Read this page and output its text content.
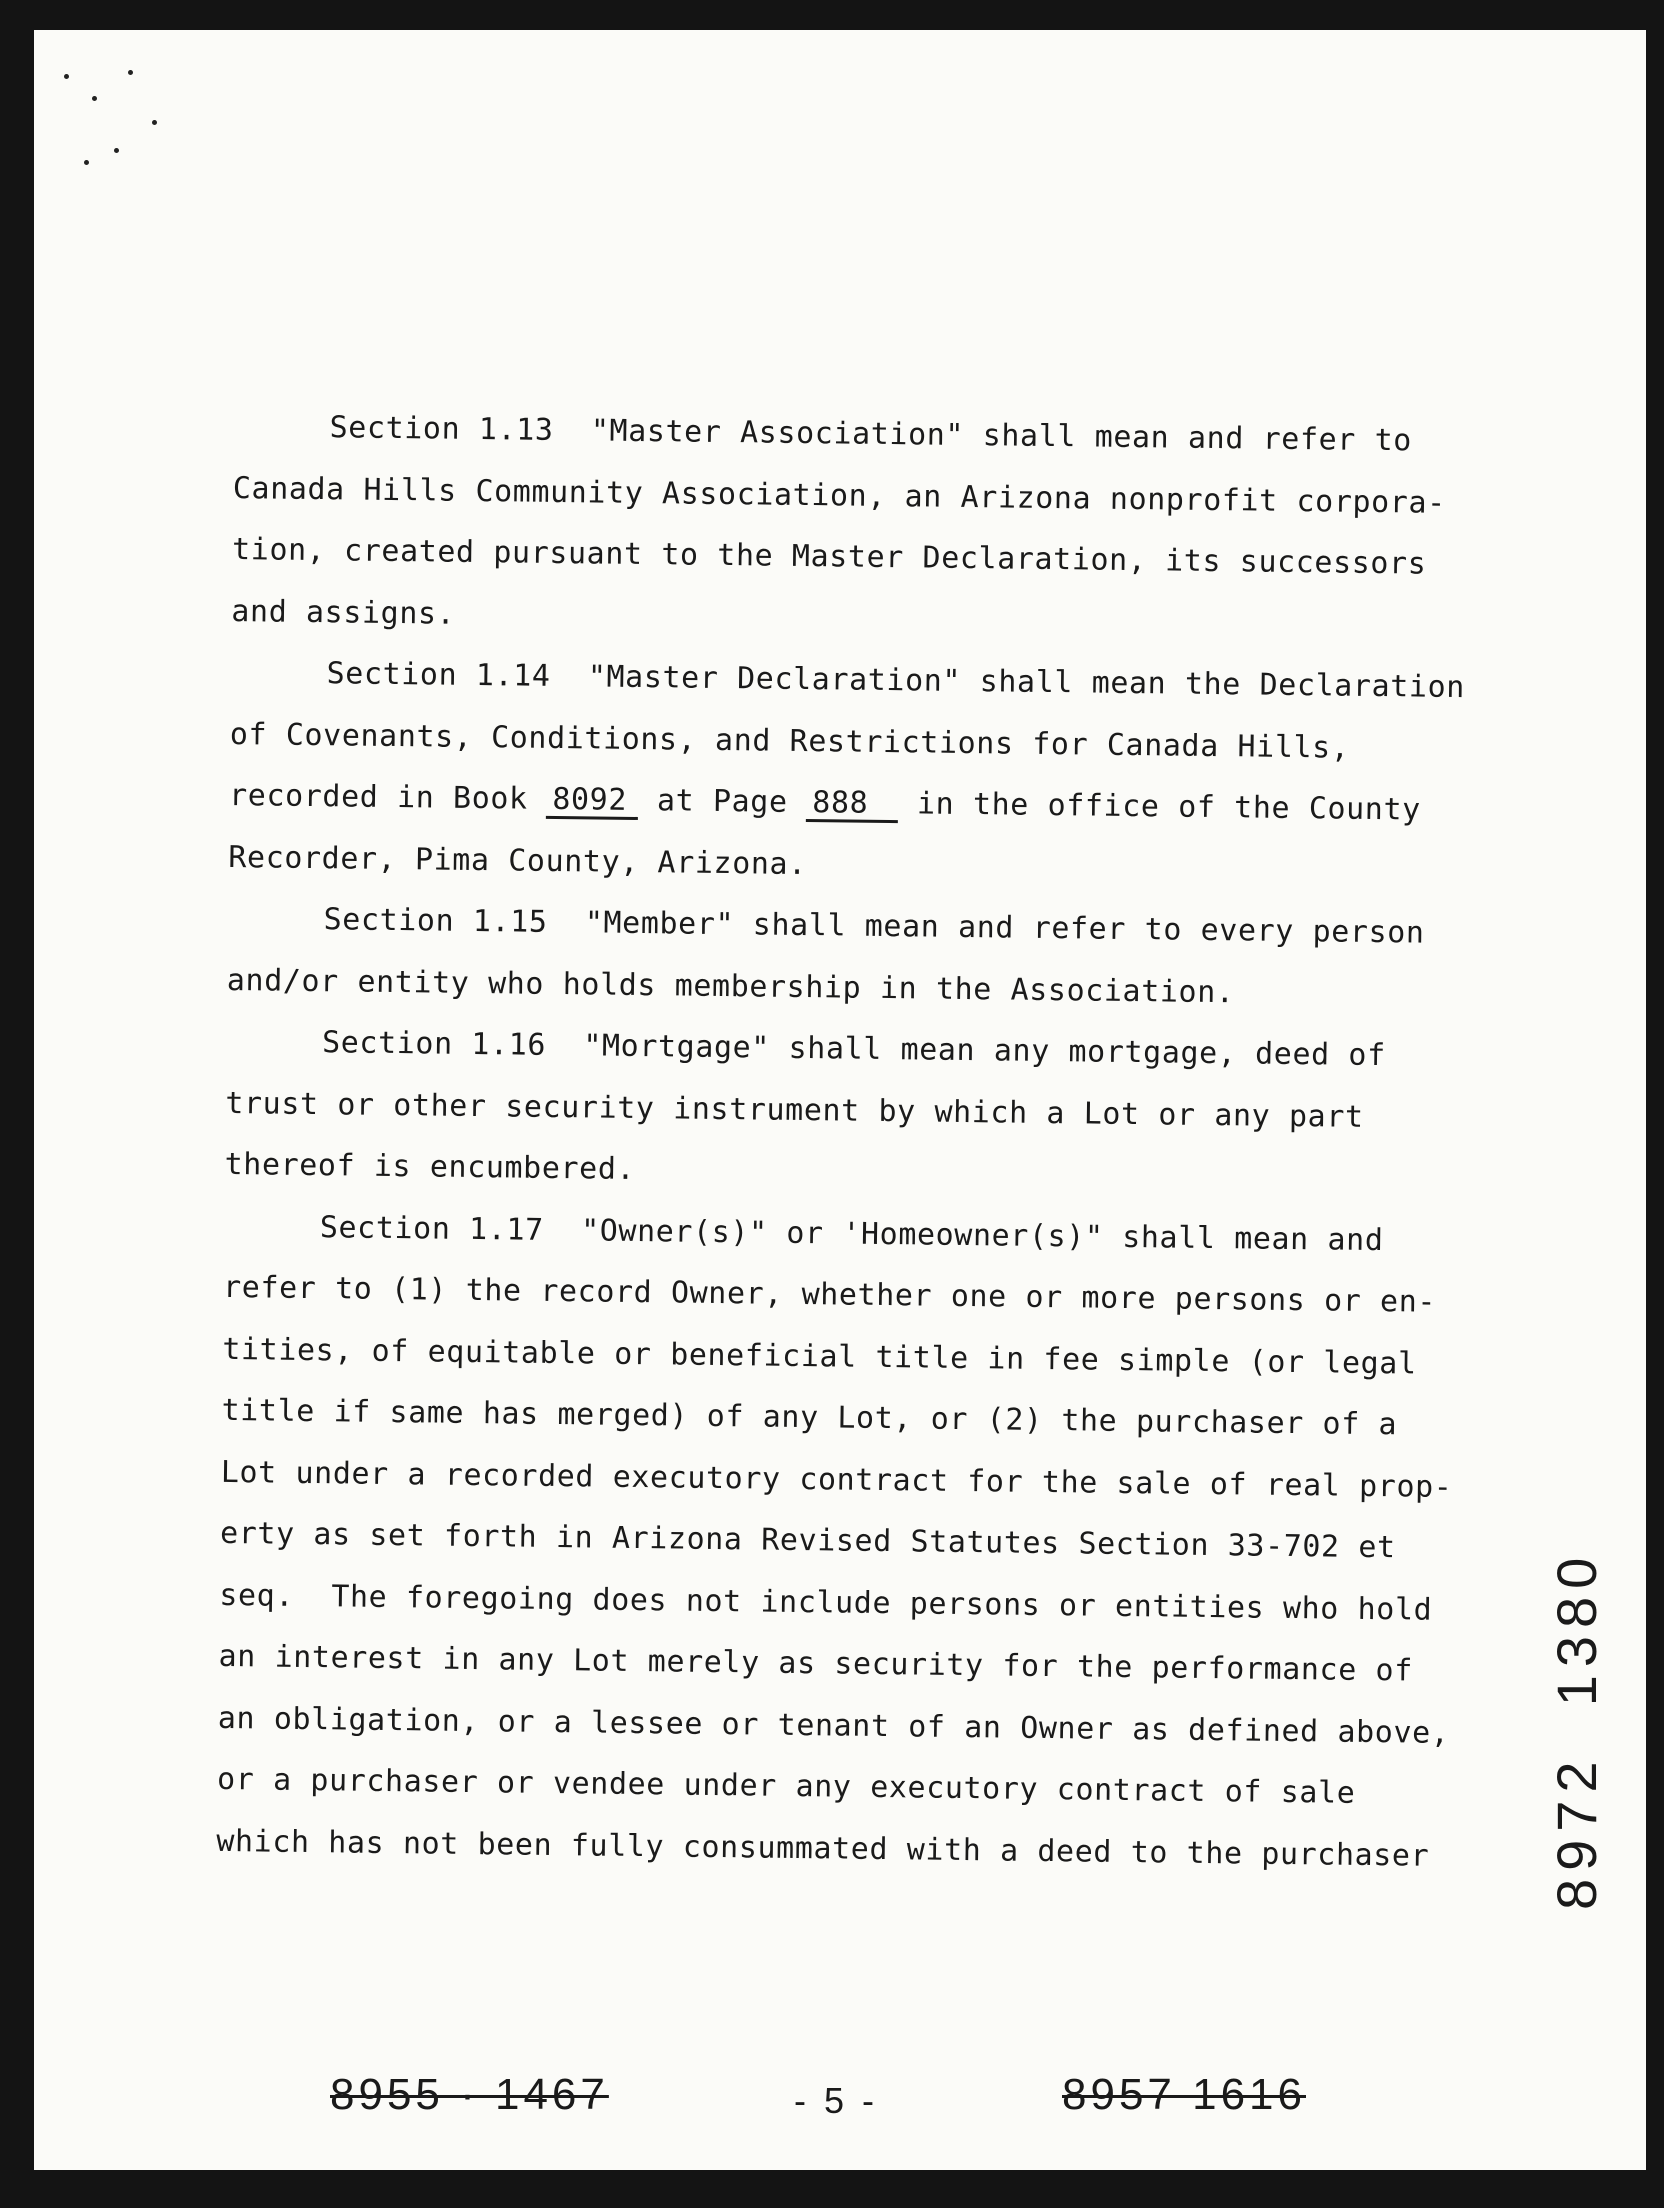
Section 1.13  "Master Association" shall mean and refer to
Canada Hills Community Association, an Arizona nonprofit corpora-
tion, created pursuant to the Master Declaration, its successors
and assigns.
Section 1.14  "Master Declaration" shall mean the Declaration
of Covenants, Conditions, and Restrictions for Canada Hills,
recorded in Book 8092 at Page 888 in the office of the County
Recorder, Pima County, Arizona.
Section 1.15  "Member" shall mean and refer to every person
and/or entity who holds membership in the Association.
Section 1.16  "Mortgage" shall mean any mortgage, deed of
trust or other security instrument by which a Lot or any part
thereof is encumbered.
Section 1.17  "Owner(s)" or 'Homeowner(s)" shall mean and
refer to (1) the record Owner, whether one or more persons or en-
tities, of equitable or beneficial title in fee simple (or legal
title if same has merged) of any Lot, or (2) the purchaser of a
Lot under a recorded executory contract for the sale of real prop-
erty as set forth in Arizona Revised Statutes Section 33-702 et
seq.  The foregoing does not include persons or entities who hold
an interest in any Lot merely as security for the performance of
an obligation, or a lessee or tenant of an Owner as defined above,
or a purchaser or vendee under any executory contract of sale
which has not been fully consummated with a deed to the purchaser	8972  1380
8955 · 1467	- 5 -	8957 1616
